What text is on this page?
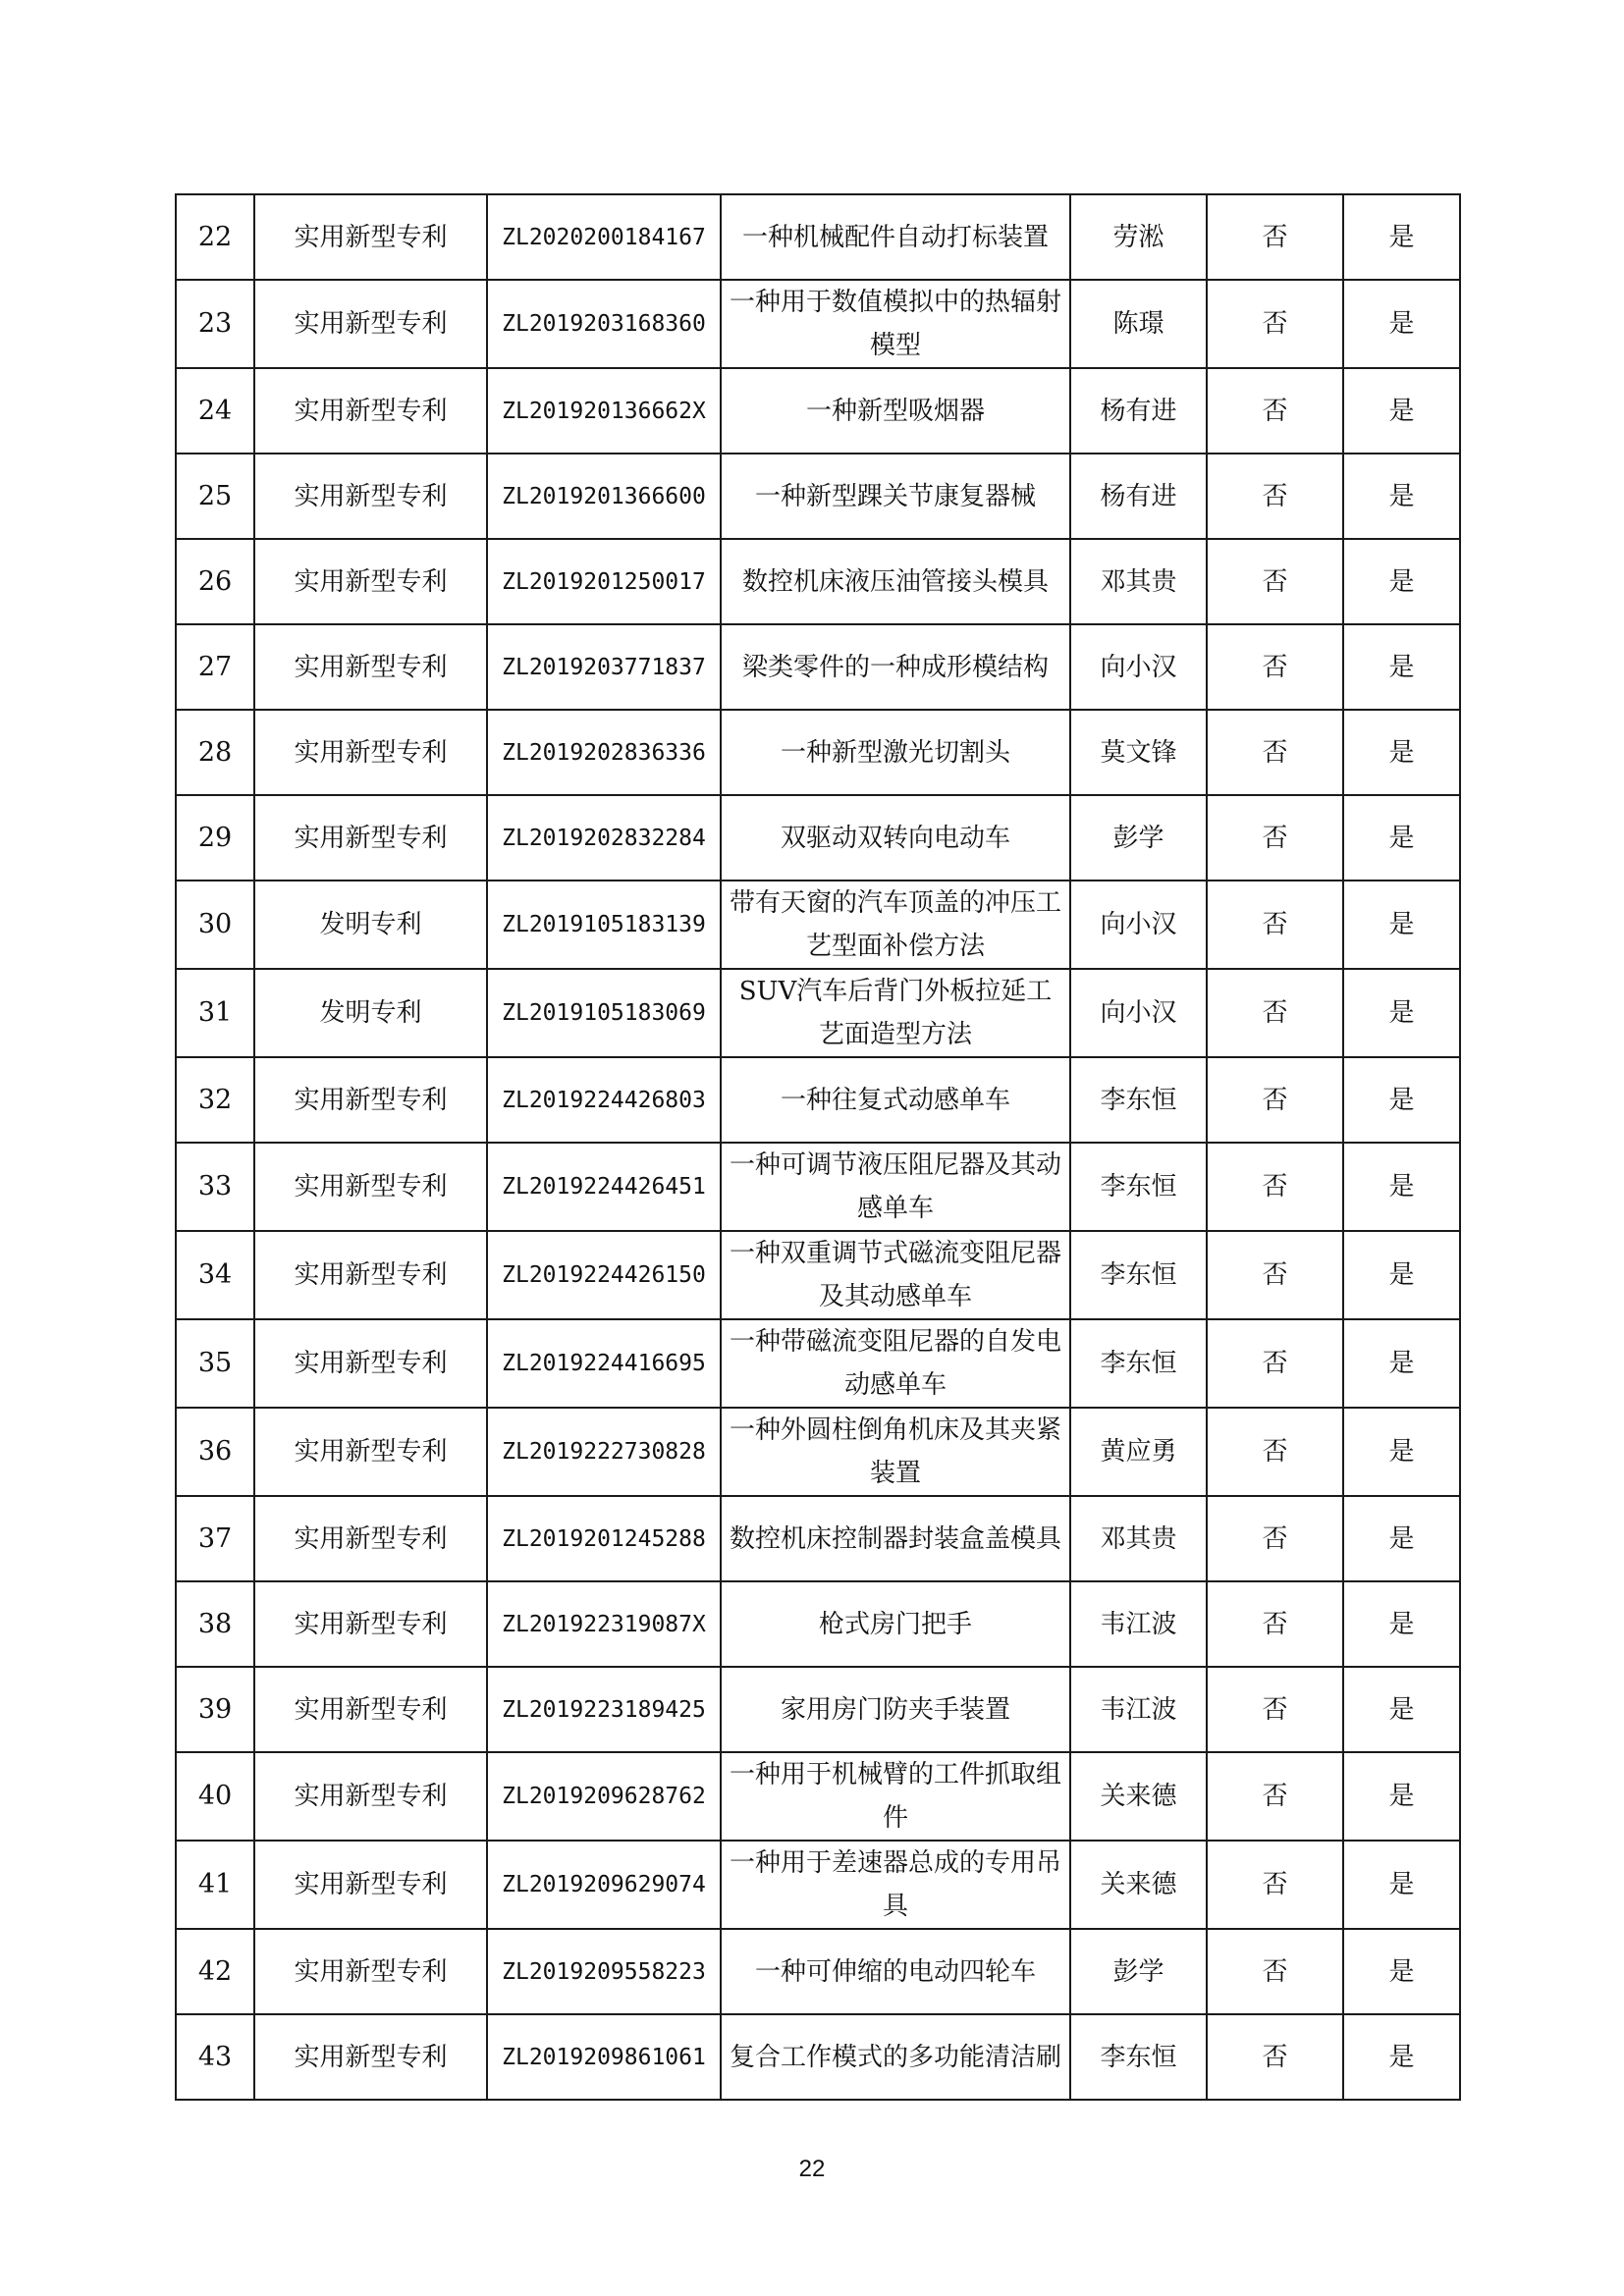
22	实用新型专利	ZL2020200184167	一种机械配件自动打标装置	劳淞	否	是
23	实用新型专利	ZL2019203168360	一种用于数值模拟中的热辐射模型	陈璟	否	是
24	实用新型专利	ZL201920136662X	一种新型吸烟器	杨有进	否	是
25	实用新型专利	ZL2019201366600	一种新型踝关节康复器械	杨有进	否	是
26	实用新型专利	ZL2019201250017	数控机床液压油管接头模具	邓其贵	否	是
27	实用新型专利	ZL2019203771837	梁类零件的一种成形模结构	向小汉	否	是
28	实用新型专利	ZL2019202836336	一种新型激光切割头	莫文锋	否	是
29	实用新型专利	ZL2019202832284	双驱动双转向电动车	彭学	否	是
30	发明专利	ZL2019105183139	带有天窗的汽车顶盖的冲压工艺型面补偿方法	向小汉	否	是
31	发明专利	ZL2019105183069	SUV汽车后背门外板拉延工艺面造型方法	向小汉	否	是
32	实用新型专利	ZL2019224426803	一种往复式动感单车	李东恒	否	是
33	实用新型专利	ZL2019224426451	一种可调节液压阻尼器及其动感单车	李东恒	否	是
34	实用新型专利	ZL2019224426150	一种双重调节式磁流变阻尼器及其动感单车	李东恒	否	是
35	实用新型专利	ZL2019224416695	一种带磁流变阻尼器的自发电动感单车	李东恒	否	是
36	实用新型专利	ZL2019222730828	一种外圆柱倒角机床及其夹紧装置	黄应勇	否	是
37	实用新型专利	ZL2019201245288	数控机床控制器封装盒盖模具	邓其贵	否	是
38	实用新型专利	ZL201922319087X	枪式房门把手	韦江波	否	是
39	实用新型专利	ZL2019223189425	家用房门防夹手装置	韦江波	否	是
40	实用新型专利	ZL2019209628762	一种用于机械臂的工件抓取组件	关来德	否	是
41	实用新型专利	ZL2019209629074	一种用于差速器总成的专用吊具	关来德	否	是
42	实用新型专利	ZL2019209558223	一种可伸缩的电动四轮车	彭学	否	是
43	实用新型专利	ZL2019209861061	复合工作模式的多功能清洁刷	李东恒	否	是
22
